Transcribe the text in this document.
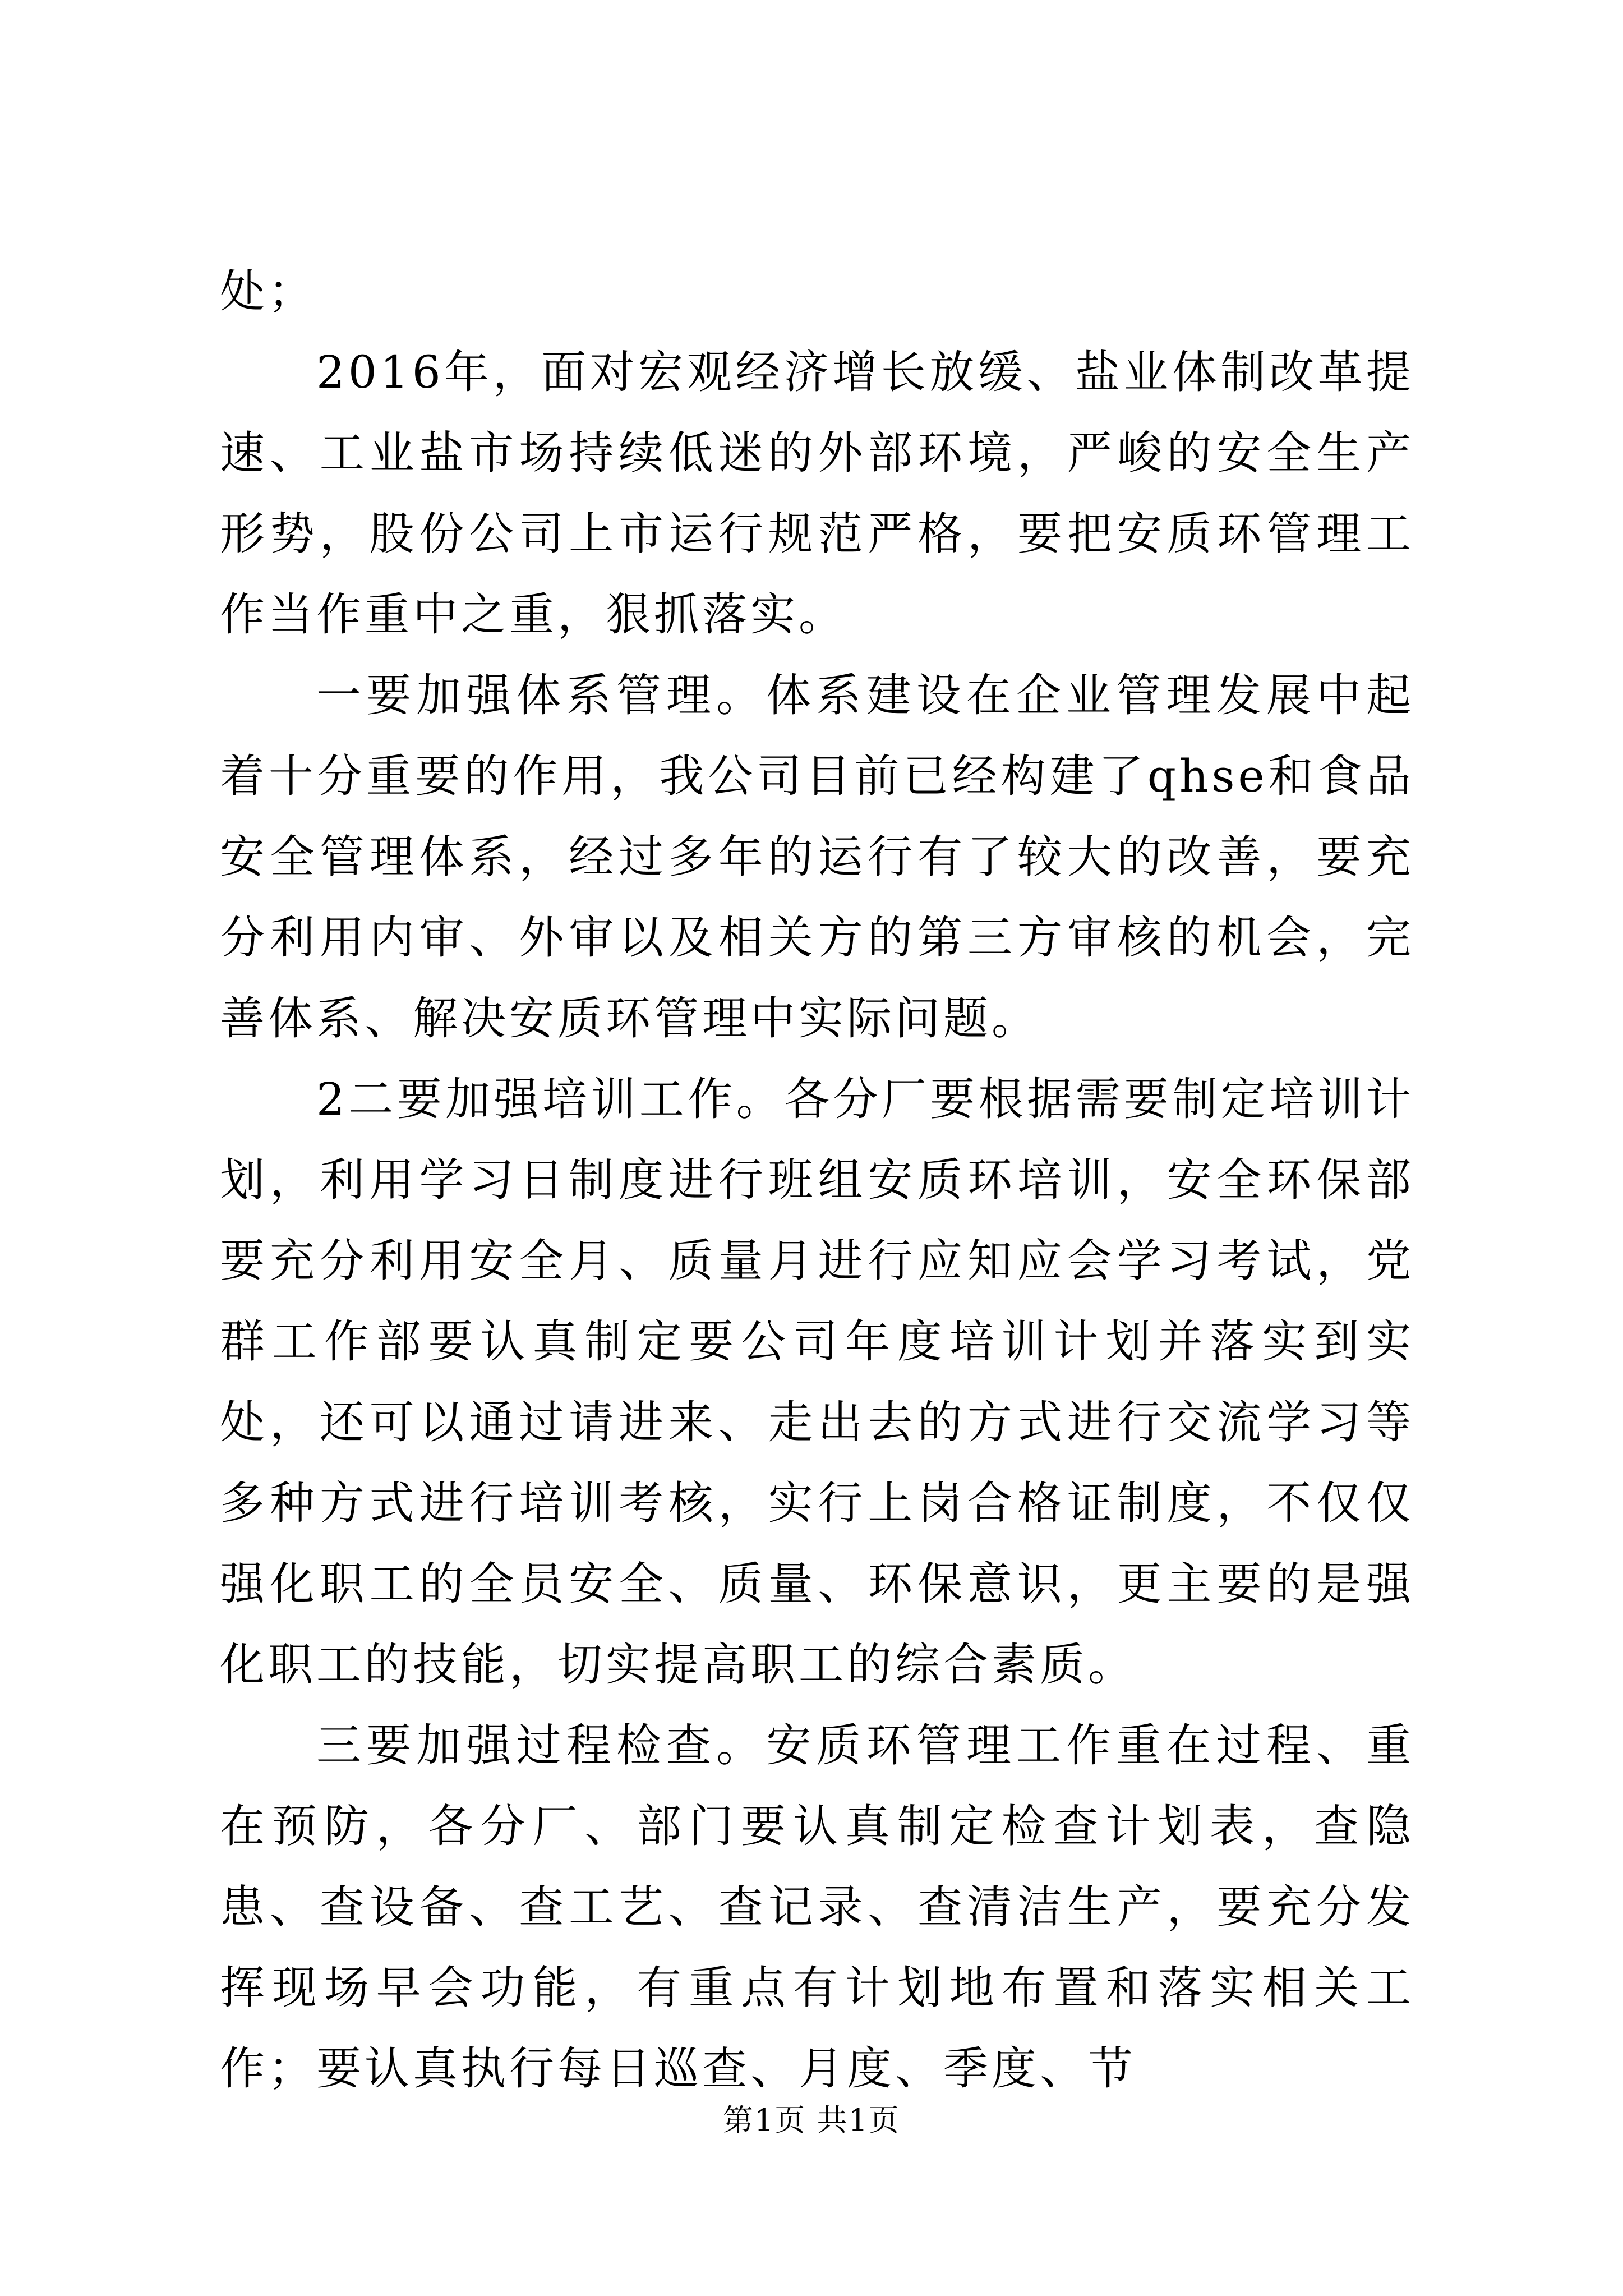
处；

2016年，面对宏观经济增长放缓、盐业体制改革提速、工业盐市场持续低迷的外部环境，严峻的安全生产形势，股份公司上市运行规范严格，要把安质环管理工作当作重中之重，狠抓落实。

一要加强体系管理。体系建设在企业管理发展中起着十分重要的作用，我公司目前已经构建了qhse和食品安全管理体系，经过多年的运行有了较大的改善，要充分利用内审、外审以及相关方的第三方审核的机会，完善体系、解决安质环管理中实际问题。

2二要加强培训工作。各分厂要根据需要制定培训计划，利用学习日制度进行班组安质环培训，安全环保部要充分利用安全月、质量月进行应知应会学习考试，党群工作部要认真制定要公司年度培训计划并落实到实处，还可以通过请进来、走出去的方式进行交流学习等多种方式进行培训考核，实行上岗合格证制度，不仅仅强化职工的全员安全、质量、环保意识，更主要的是强化职工的技能，切实提高职工的综合素质。

三要加强过程检查。安质环管理工作重在过程、重在预防，各分厂、部门要认真制定检查计划表，查隐患、查设备、查工艺、查记录、查清洁生产，要充分发挥现场早会功能，有重点有计划地布置和落实相关工作；要认真执行每日巡查、月度、季度、节

第1页 共1页
